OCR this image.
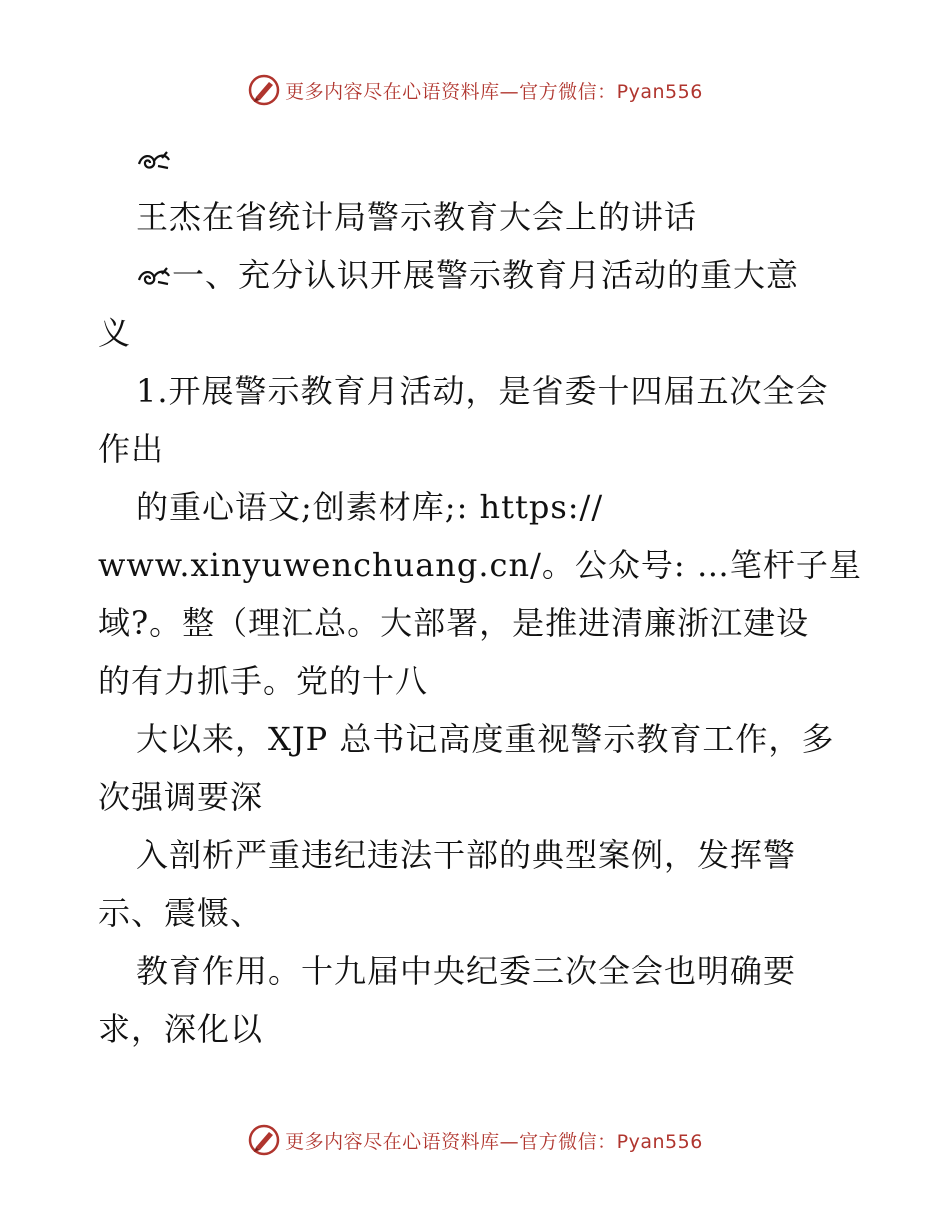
更多内容尽在心语资料库—官方微信：Pyan556
王杰在省统计局警示教育大会上的讲话
一、充分认识开展警示教育月活动的重大意
义
1.开展警示教育月活动，是省委十四届五次全会
作出
的重心语文;创素材库;: https://
www.xinyuwenchuang.cn/。公众号: …笔杆子星
域?。整（理汇总。大部署，是推进清廉浙江建设
的有力抓手。党的十八
大以来，XJP 总书记高度重视警示教育工作，多
次强调要深
入剖析严重违纪违法干部的典型案例，发挥警
示、震慑、
教育作用。十九届中央纪委三次全会也明确要
求，深化以
更多内容尽在心语资料库—官方微信：Pyan556
